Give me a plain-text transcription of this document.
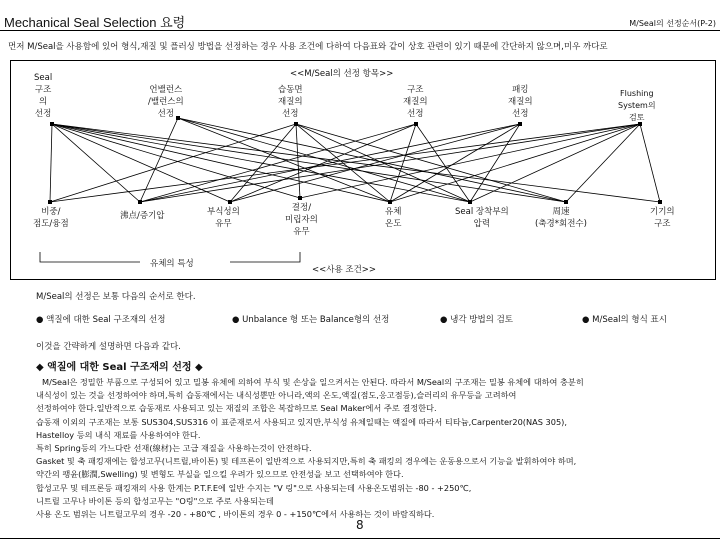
Mechanical Seal Selection 요령	M/Seal의 선정순서(P-2)
먼저 M/Seal을 사용함에 있어 형식,재질 및 플러싱 방법을 선정하는 경우 사용 조건에 다하여 다음표와 같이 상호 관련이 있기 때문에 간단하지 않으며,미우 까다로
<<M/Seal의 선정 항목>>
Seal
구조
의
선정
언밸런스
/밸런스의
선정
습동면
재질의
선정
구조
재질의
선정
패킹
재질의
선정
Flushing
System의
검토
비중/
점도/융점
沸点/증기압	부식성의
유무
결정/
미립자의
유무
유체
온도
Seal 장착부의
압력
周速
(축경*회전수)
기기의
구조
유체의 특성
<<사용 조건>>
M/Seal의 선정은 보통 다음의 순서로 한다.
● 액질에 대한 Seal 구조재의 선정	● Unbalance 형 또는 Balance형의 선정	● 냉각 방법의 검토	● M/Seal의 형식 표시
이것을 간략하게 설명하면 다음과 같다.
◆ 액질에 대한 Seal 구조재의 선정 ◆
M/Seal은 정밀한 부품으로 구성되어 있고 밀봉 유체에 의하여 부식 및 손상을 일으켜서는 안된다. 따라서 M/Seal의 구조재는 밀봉 유체에 대하여 충분히
내식성이 있는 것을 선정하여야 하며,특히 습동재에서는 내식성뿐만 아니라,액의 온도,액질(점도,응고점등),슬러리의 유무등을 고려하여
선정하여야 한다.일반적으로 습동재로 사용되고 있는 재질의 조합은 복잡하므로 Seal Maker에서 주로 결정한다.
습동재 이외의 구조재는 보통 SUS304,SUS316 이 표준재로서 사용되고 있지만,부식성 유체일때는 액질에 따라서 티타늄,Carpenter20(NAS 305),
Hastelloy 등의 내식 재료를 사용하여야 한다.
특히 Spring등의 가느다란 선재(線材)는 고급 재질을 사용하는것이 안전하다.
Gasket 및 축 패킹재에는 합성고무(니트릴,바이톤) 및 테프론이 일반적으로 사용되지만,특히 축 패킹의 경우에는 운동용으로서 기능을 발휘하여야 하며,
약간의 팽윤(膨潤,Swelling) 및 변형도 부실을 일으킬 우려가 있으므로 안전성을 보고 선택하여야 한다.
합성고무 및 테프론등 패킹재의 사용 한계는 P.T.F.E에 일반 수지는 "V 링"으로 사용되는데 사용온도범위는 -80 - +250℃,
니트릴 고무나 바이톤 등의 합성고무는 "O링"으로 주로 사용되는데
사용 온도 범위는 니트릴고무의 경우 -20 - +80℃ , 바이톤의 경우 0 - +150℃에서 사용하는 것이 바람직하다.
8
